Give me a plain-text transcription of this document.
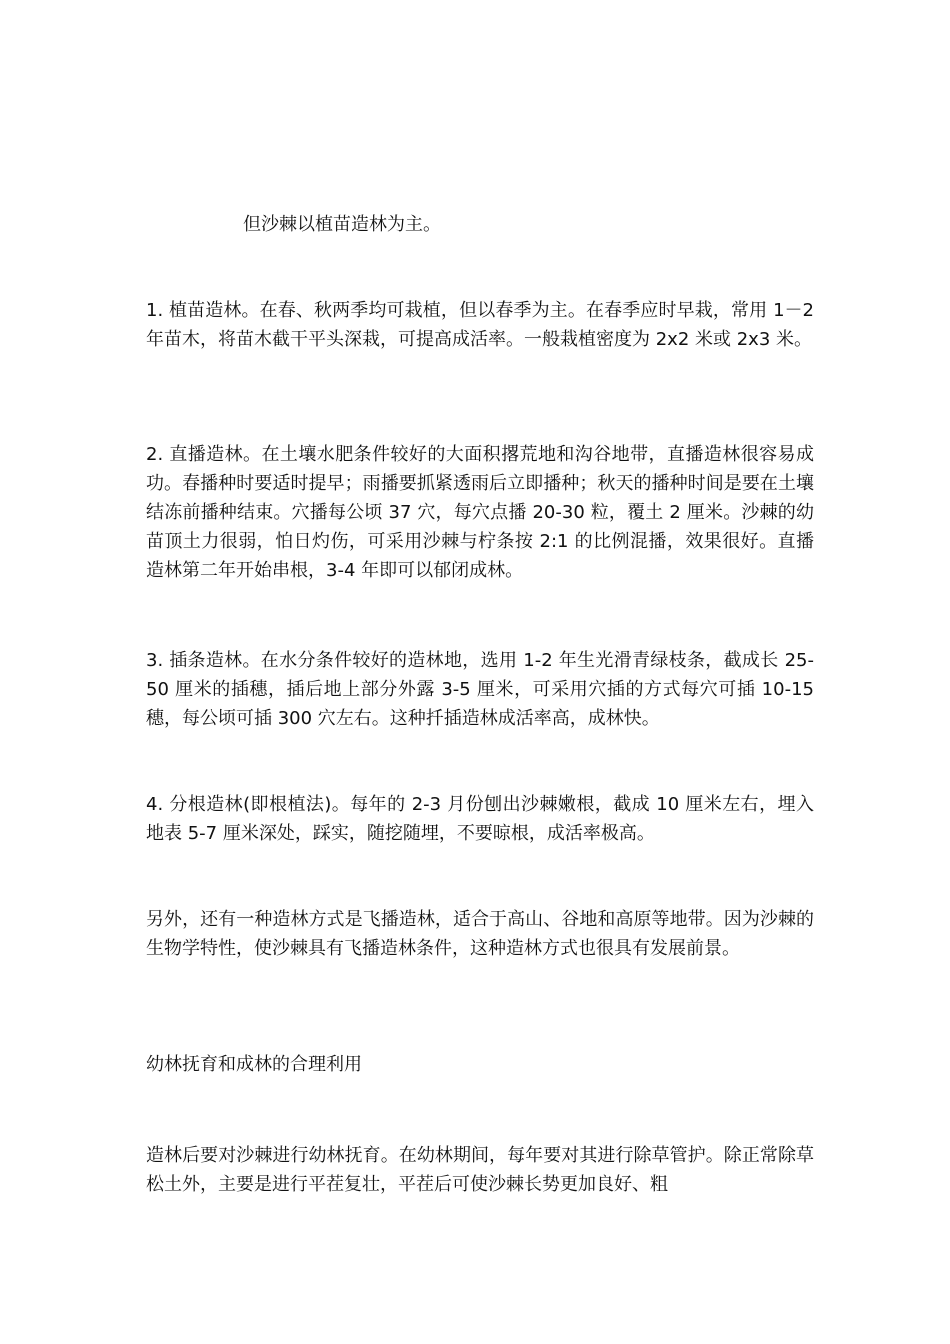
但沙棘以植苗造林为主。

1. 植苗造林。在春、秋两季均可栽植，但以春季为主。在春季应时早栽，常用 1－2 年苗木，将苗木截干平头深栽，可提高成活率。一般栽植密度为 2x2 米或 2x3 米。

2. 直播造林。在土壤水肥条件较好的大面积撂荒地和沟谷地带，直播造林很容易成功。春播种时要适时提早；雨播要抓紧透雨后立即播种；秋天的播种时间是要在土壤结冻前播种结束。穴播每公顷 37 穴，每穴点播 20-30 粒，覆土 2 厘米。沙棘的幼苗顶土力很弱，怕日灼伤，可采用沙棘与柠条按 2:1 的比例混播，效果很好。直播造林第二年开始串根，3-4 年即可以郁闭成林。

3. 插条造林。在水分条件较好的造林地，选用 1-2 年生光滑青绿枝条，截成长 25-50 厘米的插穗，插后地上部分外露 3-5 厘米，可采用穴插的方式每穴可插 10-15 穗，每公顷可插 300 穴左右。这种扦插造林成活率高，成林快。

4. 分根造林(即根植法)。每年的 2-3 月份刨出沙棘嫩根，截成 10 厘米左右，埋入地表 5-7 厘米深处，踩实，随挖随埋，不要晾根，成活率极高。

另外，还有一种造林方式是飞播造林，适合于高山、谷地和高原等地带。因为沙棘的生物学特性，使沙棘具有飞播造林条件，这种造林方式也很具有发展前景。

幼林抚育和成林的合理利用

造林后要对沙棘进行幼林抚育。在幼林期间，每年要对其进行除草管护。除正常除草松土外，主要是进行平茬复壮，平茬后可使沙棘长势更加良好、粗
